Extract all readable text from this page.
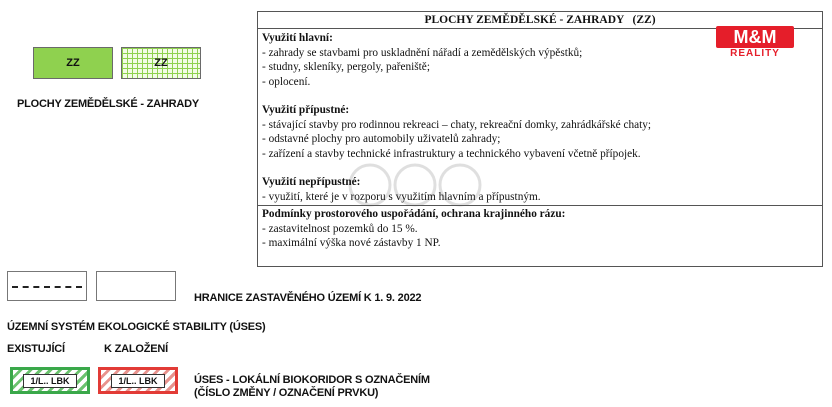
ZZ	ZZ
PLOCHY ZEMĚDĚLSKÉ - ZAHRADY
PLOCHY ZEMĚDĚLSKÉ - ZAHRADY   (ZZ)
Využití hlavní:
- zahrady se stavbami pro uskladnění nářadí a zemědělských výpěstků;
- studny, skleníky, pergoly, pařeniště;
- oplocení.
Využití přípustné:
- stávající stavby pro rodinnou rekreaci – chaty, rekreační domky, zahrádkářské chaty;
- odstavné plochy pro automobily uživatelů zahrady;
- zařízení a stavby technické infrastruktury a technického vybavení včetně přípojek.
Využití nepřípustné:
- využití, které je v rozporu s využitím hlavním a přípustným.
Podmínky prostorového uspořádání, ochrana krajinného rázu:
- zastavitelnost pozemků do 15 %.
- maximální výška nové zástavby 1 NP.
M&M
REALITY
HRANICE ZASTAVĚNÉHO ÚZEMÍ K 1. 9. 2022
ÚZEMNÍ SYSTÉM EKOLOGICKÉ STABILITY (ÚSES)
EXISTUJÍCÍ	K ZALOŽENÍ
1/L.. LBK	1/L.. LBK	ÚSES - LOKÁLNÍ BIOKORIDOR S OZNAČENÍM
(ČÍSLO ZMĚNY / OZNAČENÍ PRVKU)
